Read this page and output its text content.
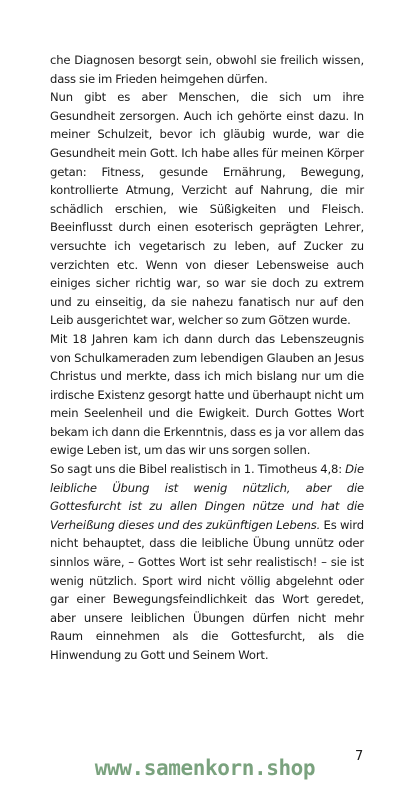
che Diagnosen besorgt sein, obwohl sie freilich wissen, dass sie im Frieden heimgehen dürfen.

Nun gibt es aber Menschen, die sich um ihre Gesundheit zersorgen. Auch ich gehörte einst dazu. In meiner Schulzeit, bevor ich gläubig wurde, war die Gesundheit mein Gott. Ich habe alles für meinen Körper getan: Fitness, gesunde Ernährung, Bewegung, kontrollierte Atmung, Verzicht auf Nahrung, die mir schädlich erschien, wie Süßigkeiten und Fleisch. Beeinflusst durch einen esoterisch geprägten Lehrer, versuchte ich vegetarisch zu leben, auf Zucker zu verzichten etc. Wenn von dieser Lebensweise auch einiges sicher richtig war, so war sie doch zu extrem und zu einseitig, da sie nahezu fanatisch nur auf den Leib ausgerichtet war, welcher so zum Götzen wurde.

Mit 18 Jahren kam ich dann durch das Lebenszeugnis von Schulkameraden zum lebendigen Glauben an Jesus Christus und merkte, dass ich mich bislang nur um die irdische Existenz gesorgt hatte und überhaupt nicht um mein Seelenheil und die Ewigkeit. Durch Gottes Wort bekam ich dann die Erkenntnis, dass es ja vor allem das ewige Leben ist, um das wir uns sorgen sollen.

So sagt uns die Bibel realistisch in 1. Timotheus 4,8: Die leibliche Übung ist wenig nützlich, aber die Gottesfurcht ist zu allen Dingen nütze und hat die Verheißung dieses und des zukünftigen Lebens. Es wird nicht behauptet, dass die leibliche Übung unnütz oder sinnlos wäre, – Gottes Wort ist sehr realistisch! – sie ist wenig nützlich. Sport wird nicht völlig abgelehnt oder gar einer Bewegungsfeindlichkeit das Wort geredet, aber unsere leiblichen Übungen dürfen nicht mehr Raum einnehmen als die Gottesfurcht, als die Hinwendung zu Gott und Seinem Wort.

7
www.samenkorn.shop
